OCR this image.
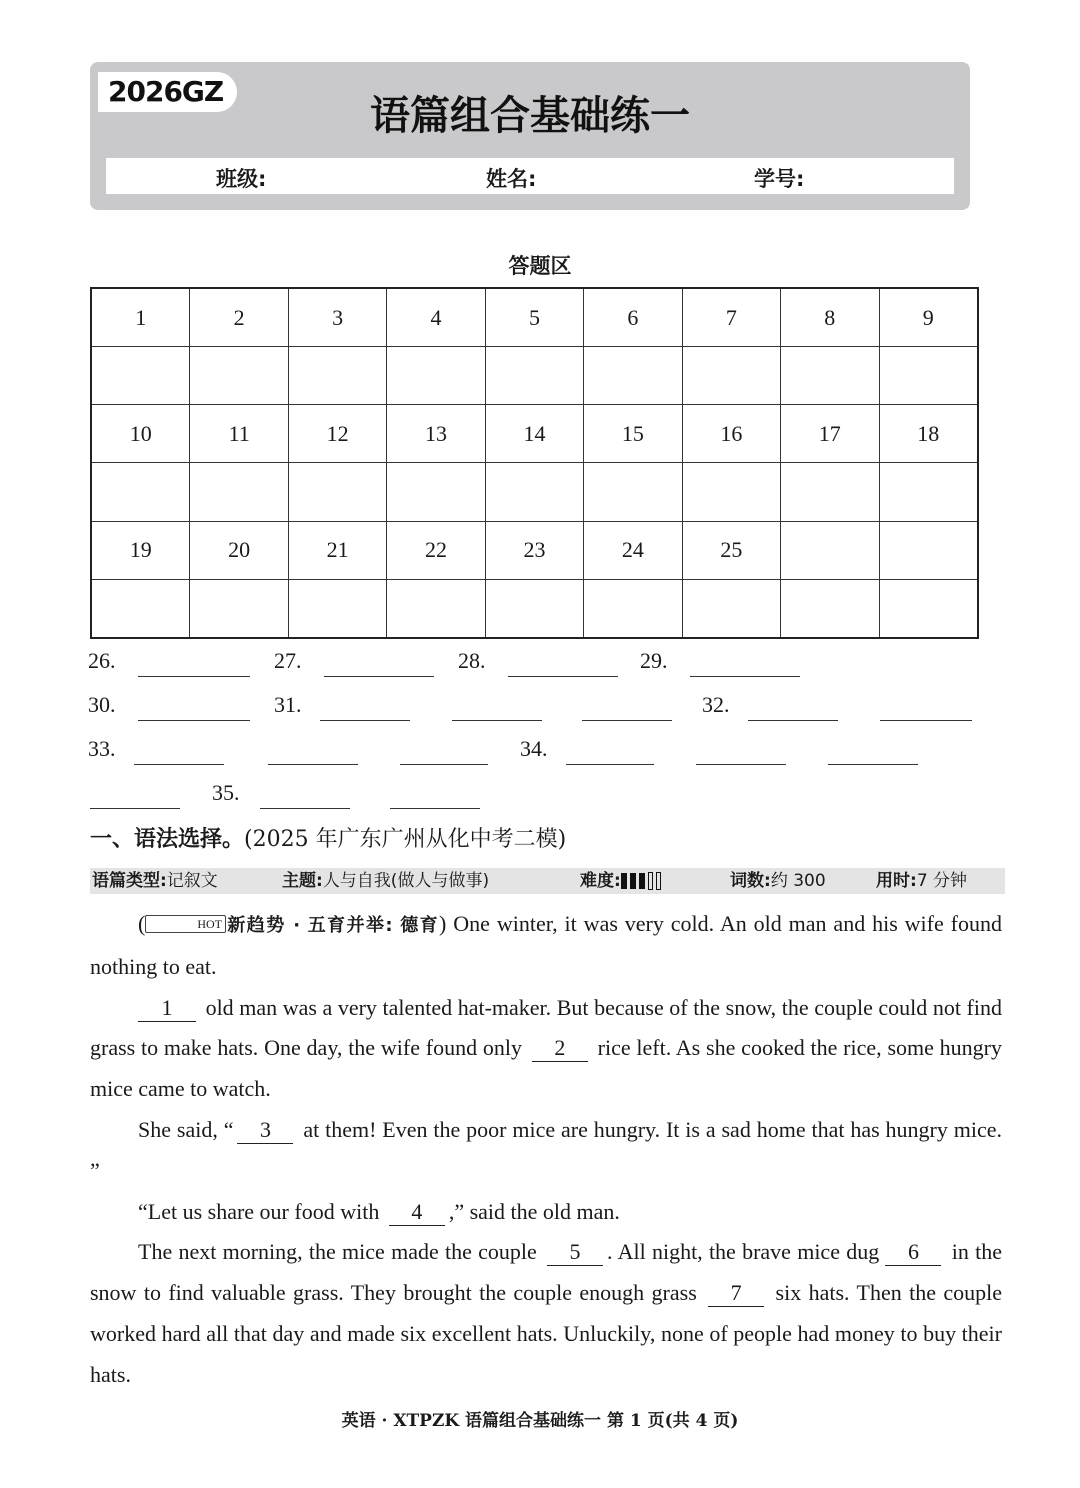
2026GZ
语篇组合基础练一
班级:	姓名:	学号:
答题区
1	2	3	4	5	6	7	8	9

10	11	12	13	14	15	16	17	18

19	20	21	22	23	24	25		

26.	27.	28.	29.
30.	31.	32.
33.	34.
35.
一、语法选择。(2025 年广东广州从化中考二模)
语篇类型: 记叙文	主题: 人与自我(做人与做事)	难度:	词数: 约 300	用时: 7 分钟

(	HOT 新趋势 · 五育并举: 德育) One winter, it was very cold. An old man and his wife found nothing to eat.

1 old man was a very talented hat-maker. But because of the snow, the couple could not find grass to make hats. One day, the wife found only 2 rice left. As she cooked the rice, some hungry mice came to watch.

She said, “ 3 at them! Even the poor mice are hungry. It is a sad home that has hungry mice. ”

“Let us share our food with 4 ,” said the old man.

The next morning, the mice made the couple 5 . All night, the brave mice dug 6 in the snow to find valuable grass. They brought the couple enough grass 7 six hats. Then the couple worked hard all that day and made six excellent hats. Unluckily, none of people had money to buy their hats.

英语 · XTPZK 语篇组合基础练一 第 1 页(共 4 页)
